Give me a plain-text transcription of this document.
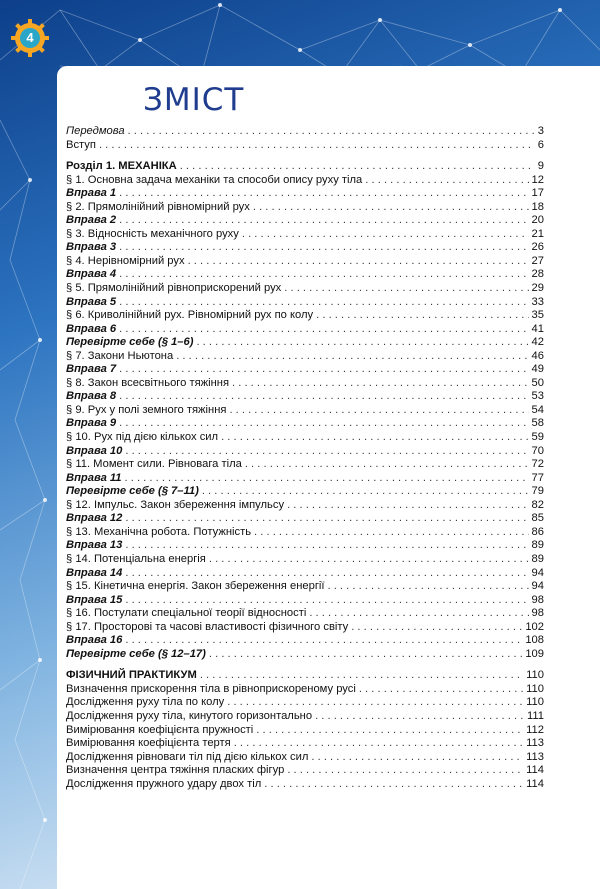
4
ЗМІСТ
Передмова . . .	3
Вступ . . .	6
Розділ 1. МЕХАНІКА . . .	9
§ 1. Основна задача механіки та способи опису руху тіла . . .	12
Вправа 1 . . .	17
§ 2. Прямолінійний рівномірний рух . . .	18
Вправа 2 . . .	20
§ 3. Відносність механічного руху . . .	21
Вправа 3 . . .	26
§ 4. Нерівномірний рух . . .	27
Вправа 4 . . .	28
§ 5. Прямолінійний рівноприскорений рух . . .	29
Вправа 5 . . .	33
§ 6. Криволінійний рух. Рівномірний рух по колу . . .	35
Вправа 6 . . .	41
Перевірте себе (§ 1–6) . . .	42
§ 7. Закони Ньютона . . .	46
Вправа 7 . . .	49
§ 8. Закон всесвітнього тяжіння . . .	50
Вправа 8 . . .	53
§ 9. Рух у полі земного тяжіння . . .	54
Вправа 9 . . .	58
§ 10. Рух під дією кількох сил . . .	59
Вправа 10 . . .	70
§ 11. Момент сили. Рівновага тіла . . .	72
Вправа 11 . . .	77
Перевірте себе (§ 7–11) . . .	79
§ 12. Імпульс. Закон збереження імпульсу . . .	82
Вправа 12 . . .	85
§ 13. Механічна робота. Потужність . . .	86
Вправа 13 . . .	89
§ 14. Потенціальна енергія . . .	89
Вправа 14 . . .	94
§ 15. Кінетична енергія. Закон збереження енергії . . .	94
Вправа 15 . . .	98
§ 16. Постулати спеціальної теорії відносності . . .	98
§ 17. Просторові та часові властивості фізичного світу . . .	102
Вправа 16 . . .	108
Перевірте себе (§ 12–17) . . .	109
ФІЗИЧНИЙ ПРАКТИКУМ . . .	110
Визначення прискорення тіла в рівноприскореному русі . . .	110
Дослідження руху тіла по колу . . .	110
Дослідження руху тіла, кинутого горизонтально . . .	111
Вимірювання коефіцієнта пружності . . .	112
Вимірювання коефіцієнта тертя . . .	113
Дослідження рівноваги тіл під дією кількох сил . . .	113
Визначення центра тяжіння пласких фігур . . .	114
Дослідження пружного удару двох тіл . . .	114
